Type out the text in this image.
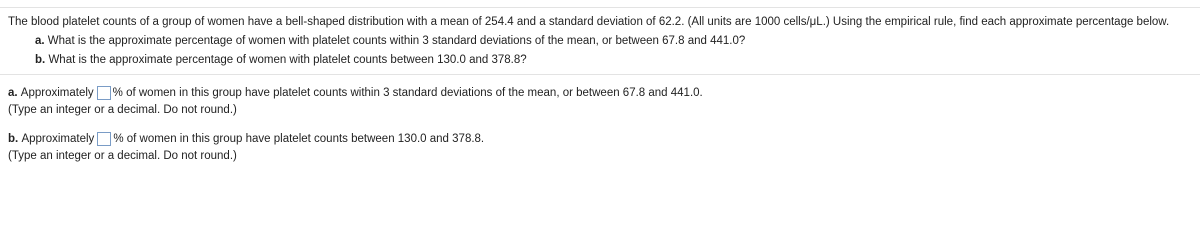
The blood platelet counts of a group of women have a bell-shaped distribution with a mean of 254.4 and a standard deviation of 62.2. (All units are 1000 cells/μL.) Using the empirical rule, find each approximate percentage below.

a. What is the approximate percentage of women with platelet counts within 3 standard deviations of the mean, or between 67.8 and 441.0?

b. What is the approximate percentage of women with platelet counts between 130.0 and 378.8?

a.
Approximately % of women in this group have platelet counts within 3 standard deviations of the mean, or between 67.8 and 441.0.
(Type an integer or a decimal. Do not round.)
b.
Approximately % of women in this group have platelet counts between 130.0 and 378.8.
(Type an integer or a decimal. Do not round.)
